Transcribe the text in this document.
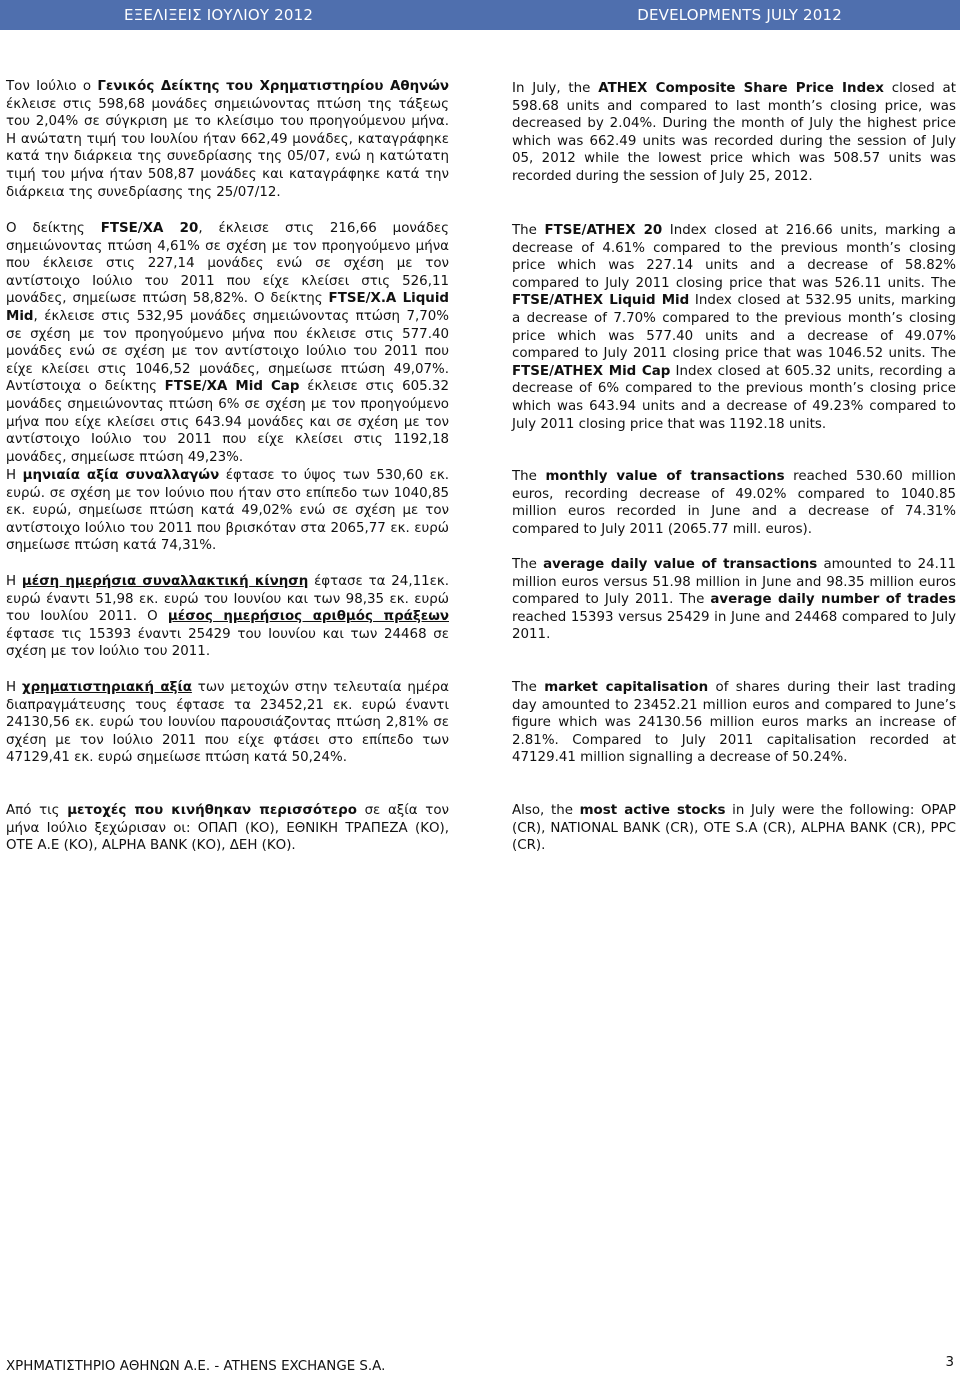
ΕΞΕΛΙΞΕΙΣ ΙΟΥΛΙΟΥ 2012	DEVELOPMENTS JULY 2012

Τον Ιούλιο ο Γενικός Δείκτης του Χρηματιστηρίου Αθηνών έκλεισε στις 598,68 μονάδες σημειώνοντας πτώση της τάξεως του 2,04% σε σύγκριση με το κλείσιμο του προηγούμενου μήνα. Η ανώτατη τιμή του Ιουλίου ήταν 662,49 μονάδες, καταγράφηκε κατά την διάρκεια της συνεδρίασης της 05/07, ενώ η κατώτατη τιμή του μήνα ήταν 508,87 μονάδες και καταγράφηκε κατά την διάρκεια της συνεδρίασης της 25/07/12.

Ο δείκτης FTSE/ΧΑ 20, έκλεισε στις 216,66 μονάδες σημειώνοντας πτώση 4,61% σε σχέση με τον προηγούμενο μήνα που έκλεισε στις 227,14 μονάδες ενώ σε σχέση με τον αντίστοιχο Ιούλιο του 2011 που είχε κλείσει στις 526,11 μονάδες, σημείωσε πτώση 58,82%. Ο δείκτης FTSE/Χ.Α Liquid Mid, έκλεισε στις 532,95 μονάδες σημειώνοντας πτώση 7,70% σε σχέση με τον προηγούμενο μήνα που έκλεισε στις 577.40 μονάδες ενώ σε σχέση με τον αντίστοιχο Ιούλιο του 2011 που είχε κλείσει στις 1046,52 μονάδες, σημείωσε πτώση 49,07%. Αντίστοιχα ο δείκτης FTSE/ΧΑ Mid Cap έκλεισε στις 605.32 μονάδες σημειώνοντας πτώση 6% σε σχέση με τον προηγούμενο μήνα που είχε κλείσει στις 643.94 μονάδες και σε σχέση με τον αντίστοιχο Ιούλιο του 2011 που είχε κλείσει στις 1192,18 μονάδες, σημείωσε πτώση 49,23%.

Η μηνιαία αξία συναλλαγών έφτασε το ύψος των 530,60 εκ. ευρώ. σε σχέση με τον Ιούνιο που ήταν στο επίπεδο των 1040,85 εκ. ευρώ, σημείωσε πτώση κατά 49,02% ενώ σε σχέση με τον αντίστοιχο Ιούλιο του 2011 που βρισκόταν στα 2065,77 εκ. ευρώ σημείωσε πτώση κατά 74,31%.

Η μέση ημερήσια συναλλακτική κίνηση έφτασε τα 24,11εκ. ευρώ έναντι 51,98 εκ. ευρώ του Ιουνίου και των 98,35 εκ. ευρώ του Ιουλίου 2011. Ο μέσος ημερήσιος αριθμός πράξεων έφτασε τις 15393 έναντι 25429 του Ιουνίου και των 24468 σε σχέση με τον Ιούλιο του 2011.

Η χρηματιστηριακή αξία των μετοχών στην τελευταία ημέρα διαπραγμάτευσης τους έφτασε τα 23452,21 εκ. ευρώ έναντι 24130,56 εκ. ευρώ του Ιουνίου παρουσιάζοντας πτώση 2,81% σε σχέση με τον Ιούλιο 2011 που είχε φτάσει στο επίπεδο των 47129,41 εκ. ευρώ σημείωσε πτώση κατά 50,24%.

Από τις μετοχές που κινήθηκαν περισσότερο σε αξία τον μήνα Ιούλιο ξεχώρισαν οι: ΟΠΑΠ (ΚΟ), ΕΘΝΙΚΗ ΤΡΑΠΕΖΑ (ΚΟ), ΟΤΕ Α.Ε (ΚΟ), ALPHA BANK (ΚΟ), ΔΕΗ (ΚΟ).

In July, the ATHEX Composite Share Price Index closed at 598.68 units and compared to last month’s closing price, was decreased by 2.04%. During the month of July the highest price which was 662.49 units was recorded during the session of July 05, 2012 while the lowest price which was 508.57 units was recorded during the session of July 25, 2012.

The FTSE/ATHEX 20 Index closed at 216.66 units, marking a decrease of 4.61% compared to the previous month’s closing price which was 227.14 units and a decrease of 58.82% compared to July 2011 closing price that was 526.11 units. The FTSE/ATHEX Liquid Mid Index closed at 532.95 units, marking a decrease of 7.70% compared to the previous month’s closing price which was 577.40 units and a decrease of 49.07% compared to July 2011 closing price that was 1046.52 units. The FTSE/ATHEX Mid Cap Index closed at 605.32 units, recording a decrease of 6% compared to the previous month’s closing price which was 643.94 units and a decrease of 49.23% compared to July 2011 closing price that was 1192.18 units.

The monthly value of transactions reached 530.60 million euros, recording decrease of 49.02% compared to 1040.85 million euros recorded in June and a decrease of 74.31% compared to July 2011 (2065.77 mill. euros).

The average daily value of transactions amounted to 24.11 million euros versus 51.98 million in June and 98.35 million euros compared to July 2011. The average daily number of trades reached 15393 versus 25429 in June and 24468 compared to July 2011.

The market capitalisation of shares during their last trading day amounted to 23452.21 million euros and compared to June’s figure which was 24130.56 million euros marks an increase of 2.81%. Compared to July 2011 capitalisation recorded at 47129.41 million signalling a decrease of 50.24%.

Also, the most active stocks in July were the following: OPAP (CR), NATIONAL BANK (CR), OTE S.A (CR), ALPHA BANK (CR), PPC (CR).

ΧΡΗΜΑΤΙΣΤΗΡΙΟ ΑΘΗΝΩΝ Α.Ε. - ATHENS EXCHANGE S.A.	3
